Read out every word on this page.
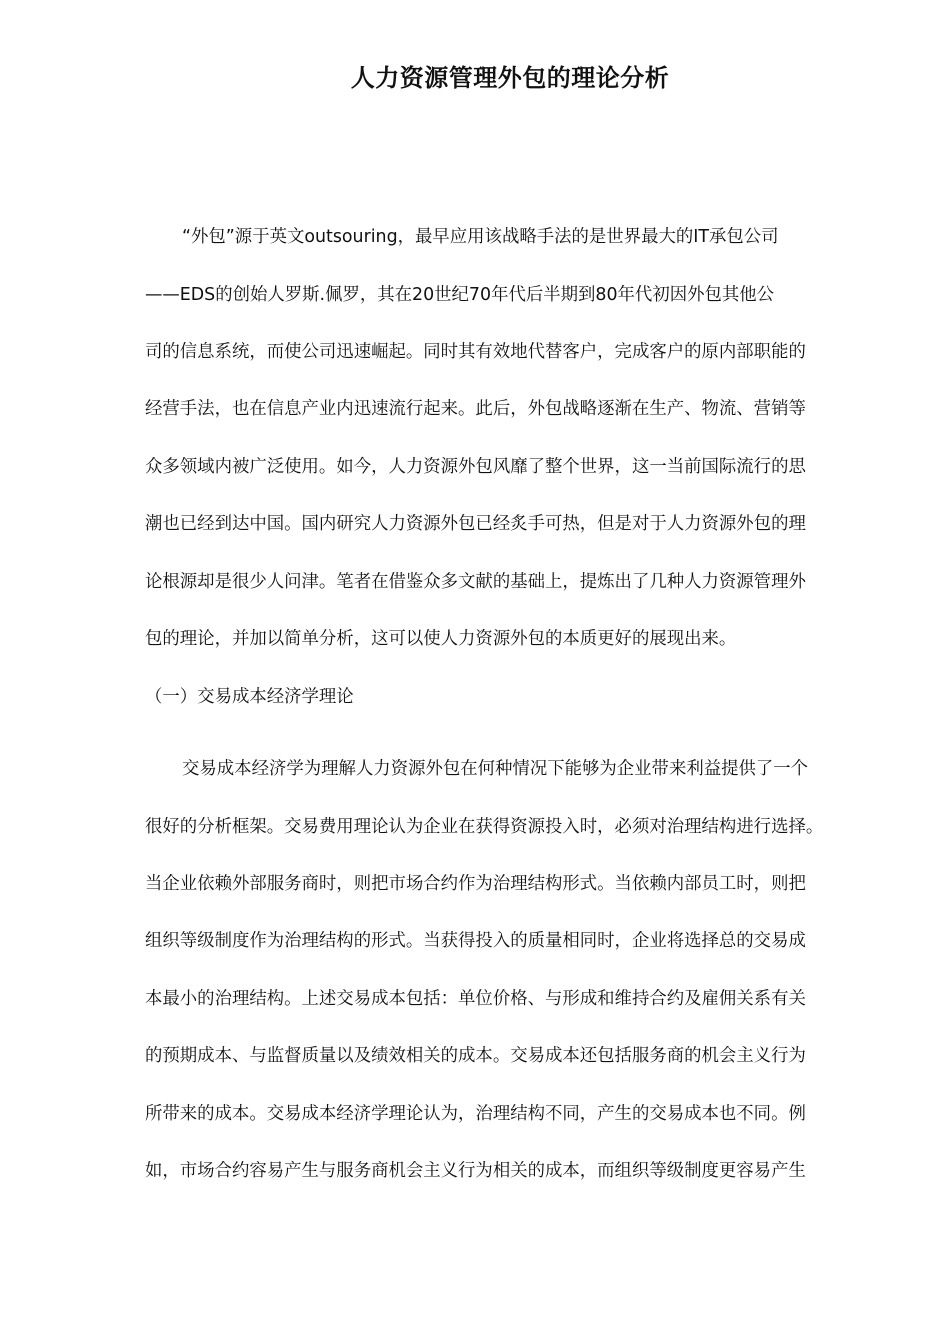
人力资源管理外包的理论分析
“外包”源于英文outsouring，最早应用该战略手法的是世界最大的IT承包公司
——EDS的创始人罗斯.佩罗，其在20世纪70年代后半期到80年代初因外包其他公
司的信息系统，而使公司迅速崛起。同时其有效地代替客户，完成客户的原内部职能的
经营手法，也在信息产业内迅速流行起来。此后，外包战略逐渐在生产、物流、营销等
众多领域内被广泛使用。如今，人力资源外包风靡了整个世界，这一当前国际流行的思
潮也已经到达中国。国内研究人力资源外包已经炙手可热，但是对于人力资源外包的理
论根源却是很少人问津。笔者在借鉴众多文献的基础上，提炼出了几种人力资源管理外
包的理论，并加以简单分析，这可以使人力资源外包的本质更好的展现出来。
（一）交易成本经济学理论
交易成本经济学为理解人力资源外包在何种情况下能够为企业带来利益提供了一个
很好的分析框架。交易费用理论认为企业在获得资源投入时，必须对治理结构进行选择。
当企业依赖外部服务商时，则把市场合约作为治理结构形式。当依赖内部员工时，则把
组织等级制度作为治理结构的形式。当获得投入的质量相同时，企业将选择总的交易成
本最小的治理结构。上述交易成本包括：单位价格、与形成和维持合约及雇佣关系有关
的预期成本、与监督质量以及绩效相关的成本。交易成本还包括服务商的机会主义行为
所带来的成本。交易成本经济学理论认为，治理结构不同，产生的交易成本也不同。例
如，市场合约容易产生与服务商机会主义行为相关的成本，而组织等级制度更容易产生
